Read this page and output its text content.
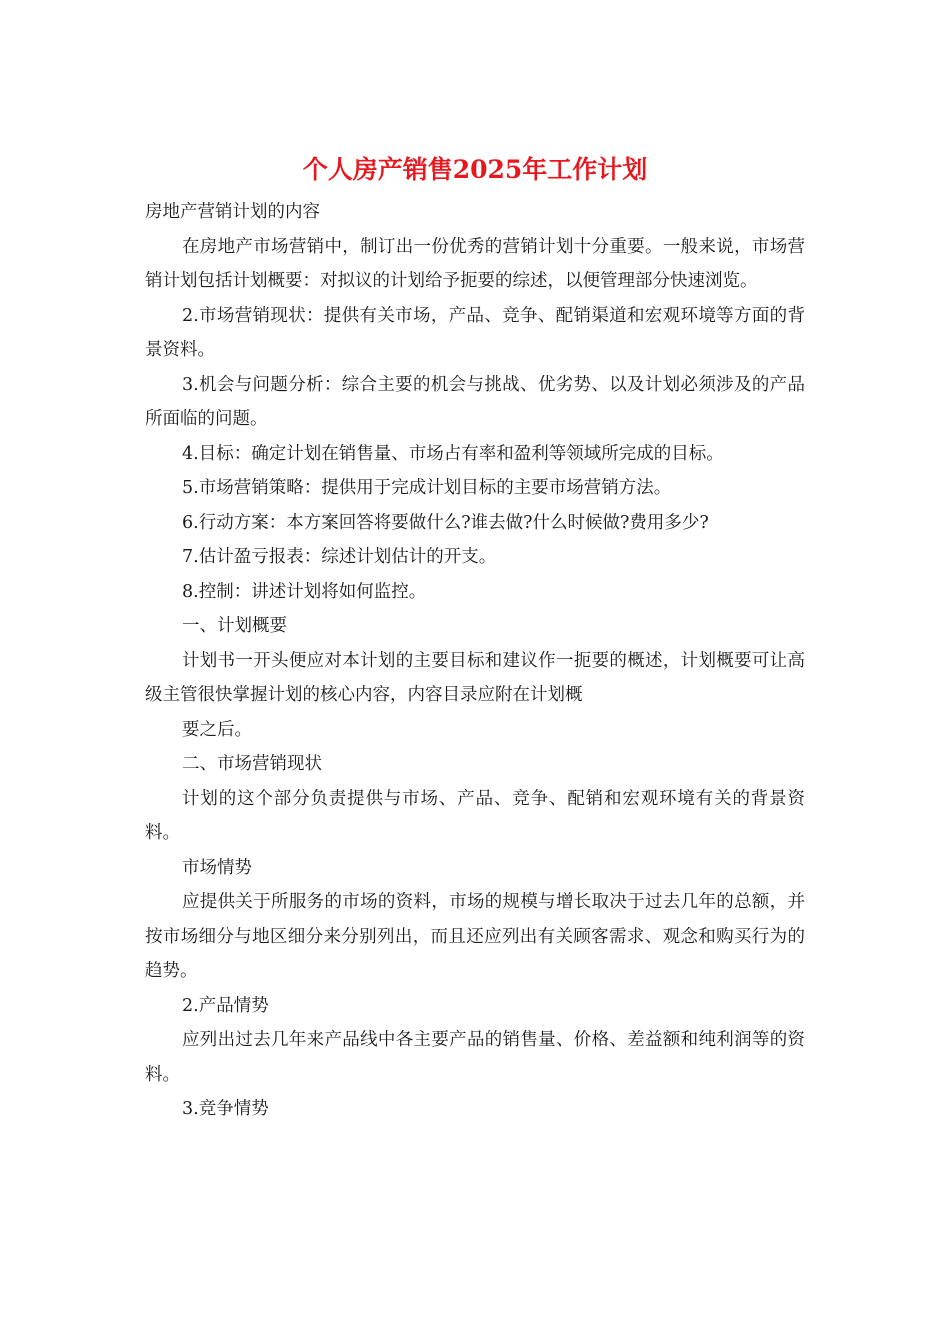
个人房产销售2025年工作计划

房地产营销计划的内容

在房地产市场营销中，制订出一份优秀的营销计划十分重要。一般来说，市场营销计划包括计划概要：对拟议的计划给予扼要的综述，以便管理部分快速浏览。

2.市场营销现状：提供有关市场，产品、竞争、配销渠道和宏观环境等方面的背景资料。

3.机会与问题分析：综合主要的机会与挑战、优劣势、以及计划必须涉及的产品所面临的问题。

4.目标：确定计划在销售量、市场占有率和盈利等领域所完成的目标。

5.市场营销策略：提供用于完成计划目标的主要市场营销方法。

6.行动方案：本方案回答将要做什么?谁去做?什么时候做?费用多少?

7.估计盈亏报表：综述计划估计的开支。

8.控制：讲述计划将如何监控。

一、计划概要

计划书一开头便应对本计划的主要目标和建议作一扼要的概述，计划概要可让高级主管很快掌握计划的核心内容，内容目录应附在计划概

要之后。

二、市场营销现状

计划的这个部分负责提供与市场、产品、竞争、配销和宏观环境有关的背景资料。

市场情势

应提供关于所服务的市场的资料，市场的规模与增长取决于过去几年的总额，并按市场细分与地区细分来分别列出，而且还应列出有关顾客需求、观念和购买行为的趋势。

2.产品情势

应列出过去几年来产品线中各主要产品的销售量、价格、差益额和纯利润等的资料。

3.竞争情势
